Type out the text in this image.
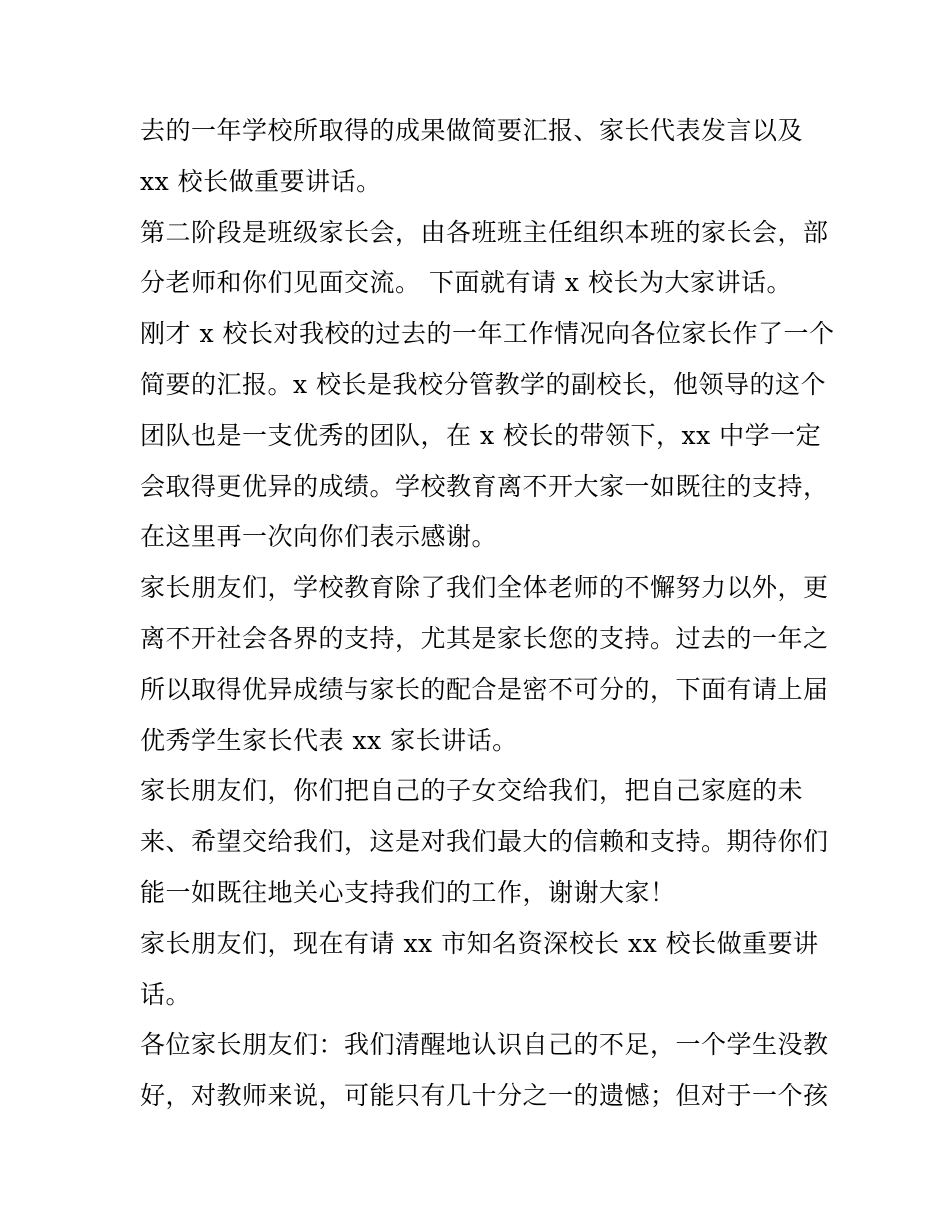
去的一年学校所取得的成果做简要汇报、家长代表发言以及
xx 校长做重要讲话。
第二阶段是班级家长会，由各班班主任组织本班的家长会，部
分老师和你们见面交流。 下面就有请 x 校长为大家讲话。
刚才 x 校长对我校的过去的一年工作情况向各位家长作了一个
简要的汇报。x 校长是我校分管教学的副校长，他领导的这个
团队也是一支优秀的团队，在 x 校长的带领下，xx 中学一定
会取得更优异的成绩。学校教育离不开大家一如既往的支持，
在这里再一次向你们表示感谢。
家长朋友们，学校教育除了我们全体老师的不懈努力以外，更
离不开社会各界的支持，尤其是家长您的支持。过去的一年之
所以取得优异成绩与家长的配合是密不可分的，下面有请上届
优秀学生家长代表 xx 家长讲话。
家长朋友们，你们把自己的子女交给我们，把自己家庭的未
来、希望交给我们，这是对我们最大的信赖和支持。期待你们
能一如既往地关心支持我们的工作，谢谢大家！
家长朋友们，现在有请 xx 市知名资深校长 xx 校长做重要讲
话。
各位家长朋友们：我们清醒地认识自己的不足，一个学生没教
好，对教师来说，可能只有几十分之一的遗憾；但对于一个孩
